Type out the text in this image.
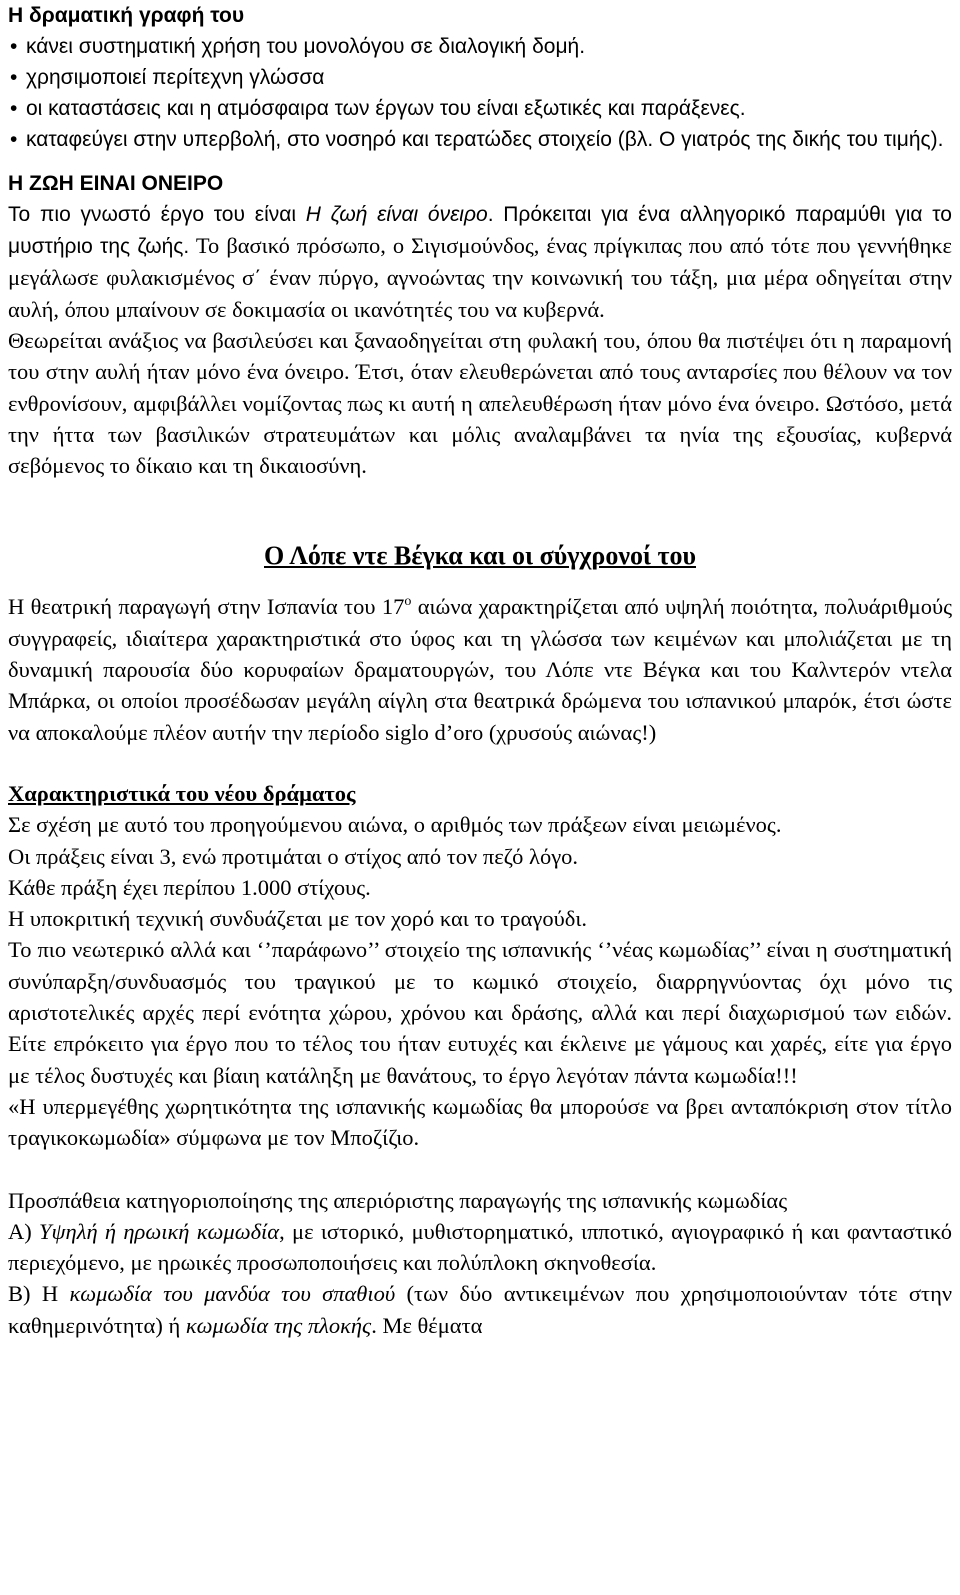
Η δραματική γραφή του
• κάνει συστηματική χρήση του μονολόγου σε διαλογική δομή.
• χρησιμοποιεί περίτεχνη γλώσσα
• οι καταστάσεις και η ατμόσφαιρα των έργων του είναι εξωτικές και παράξενες.
• καταφεύγει στην υπερβολή, στο νοσηρό και τερατώδες στοιχείο (βλ. Ο γιατρός της δικής του τιμής).
Η ΖΩΗ ΕΙΝΑΙ ΟΝΕΙΡΟ

Το πιο γνωστό έργο του είναι Η ζωή είναι όνειρο. Πρόκειται για ένα αλληγορικό παραμύθι για το μυστήριο της ζωής. Το βασικό πρόσωπο, ο Σιγισμούνδος, ένας πρίγκιπας που από τότε που γεννήθηκε μεγάλωσε φυλακισμένος σ΄ έναν πύργο, αγνοώντας την κοινωνική του τάξη, μια μέρα οδηγείται στην αυλή, όπου μπαίνουν σε δοκιμασία οι ικανότητές του να κυβερνά.

Θεωρείται ανάξιος να βασιλεύσει και ξαναοδηγείται στη φυλακή του, όπου θα πιστέψει ότι η παραμονή του στην αυλή ήταν μόνο ένα όνειρο. Έτσι, όταν ελευθερώνεται από τους ανταρσίες που θέλουν να τον ενθρονίσουν, αμφιβάλλει νομίζοντας πως κι αυτή η απελευθέρωση ήταν μόνο ένα όνειρο. Ωστόσο, μετά την ήττα των βασιλικών στρατευμάτων και μόλις αναλαμβάνει τα ηνία της εξουσίας, κυβερνά σεβόμενος το δίκαιο και τη δικαιοσύνη.

Ο Λόπε ντε Βέγκα και οι σύγχρονοί του

Η θεατρική παραγωγή στην Ισπανία του $17^o$ αιώνα χαρακτηρίζεται από υψηλή ποιότητα, πολυάριθμούς συγγραφείς, ιδιαίτερα χαρακτηριστικά στο ύφος και τη γλώσσα των κειμένων και μπολιάζεται με τη δυναμική παρουσία δύο κορυφαίων δραματουργών, του Λόπε ντε Βέγκα και του Καλντερόν ντελα Μπάρκα, οι οποίοι προσέδωσαν μεγάλη αίγλη στα θεατρικά δρώμενα του ισπανικού μπαρόκ, έτσι ώστε να αποκαλούμε πλέον αυτήν την περίοδο siglo d’oro (χρυσούς αιώνας!)

Χαρακτηριστικά του νέου δράματος
Σε σχέση με αυτό του προηγούμενου αιώνα, ο αριθμός των πράξεων είναι μειωμένος.
Οι πράξεις είναι 3, ενώ προτιμάται ο στίχος από τον πεζό λόγο.
Κάθε πράξη έχει περίπου 1.000 στίχους.
Η υποκριτική τεχνική συνδυάζεται με τον χορό και το τραγούδι.

Το πιο νεωτερικό αλλά και ‘’παράφωνο’’ στοιχείο της ισπανικής ‘’νέας κωμωδίας’’ είναι η συστηματική συνύπαρξη/συνδυασμός του τραγικού με το κωμικό στοιχείο, διαρρηγνύοντας όχι μόνο τις αριστοτελικές αρχές περί ενότητα χώρου, χρόνου και δράσης, αλλά και περί διαχωρισμού των ειδών. Είτε επρόκειτο για έργο που το τέλος του ήταν ευτυχές και έκλεινε με γάμους και χαρές, είτε για έργο με τέλος δυστυχές και βίαιη κατάληξη με θανάτους, το έργο λεγόταν πάντα κωμωδία!!!

«Η υπερμεγέθης χωρητικότητα της ισπανικής κωμωδίας θα μπορούσε να βρει ανταπόκριση στον τίτλο τραγικοκωμωδία» σύμφωνα με τον Μποζίζιο.

Προσπάθεια κατηγοριοποίησης της απεριόριστης παραγωγής της ισπανικής κωμωδίας

Α) Υψηλή ή ηρωική κωμωδία, με ιστορικό, μυθιστορηματικό, ιπποτικό, αγιογραφικό ή και φανταστικό περιεχόμενο, με ηρωικές προσωποποιήσεις και πολύπλοκη σκηνοθεσία.

Β) Η κωμωδία του μανδύα του σπαθιού (των δύο αντικειμένων που χρησιμοποιούνταν τότε στην καθημερινότητα) ή κωμωδία της πλοκής. Με θέματα
